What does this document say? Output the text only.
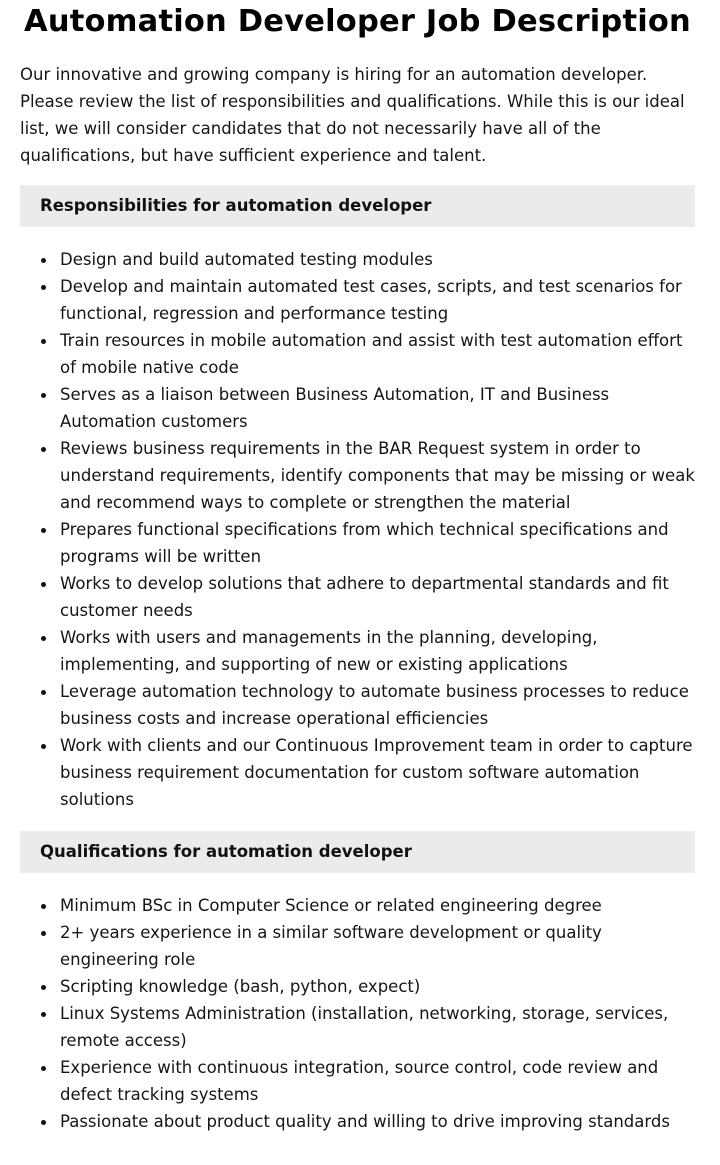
Automation Developer Job Description

Our innovative and growing company is hiring for an automation developer. Please review the list of responsibilities and qualifications. While this is our ideal list, we will consider candidates that do not necessarily have all of the qualifications, but have sufficient experience and talent.

Responsibilities for automation developer
Design and build automated testing modules
Develop and maintain automated test cases, scripts, and test scenarios for functional, regression and performance testing
Train resources in mobile automation and assist with test automation effort of mobile native code
Serves as a liaison between Business Automation, IT and Business Automation customers
Reviews business requirements in the BAR Request system in order to understand requirements, identify components that may be missing or weak and recommend ways to complete or strengthen the material
Prepares functional specifications from which technical specifications and programs will be written
Works to develop solutions that adhere to departmental standards and fit customer needs
Works with users and managements in the planning, developing, implementing, and supporting of new or existing applications
Leverage automation technology to automate business processes to reduce business costs and increase operational efficiencies
Work with clients and our Continuous Improvement team in order to capture business requirement documentation for custom software automation solutions
Qualifications for automation developer
Minimum BSc in Computer Science or related engineering degree
2+ years experience in a similar software development or quality engineering role
Scripting knowledge (bash, python, expect)
Linux Systems Administration (installation, networking, storage, services, remote access)
Experience with continuous integration, source control, code review and defect tracking systems
Passionate about product quality and willing to drive improving standards
